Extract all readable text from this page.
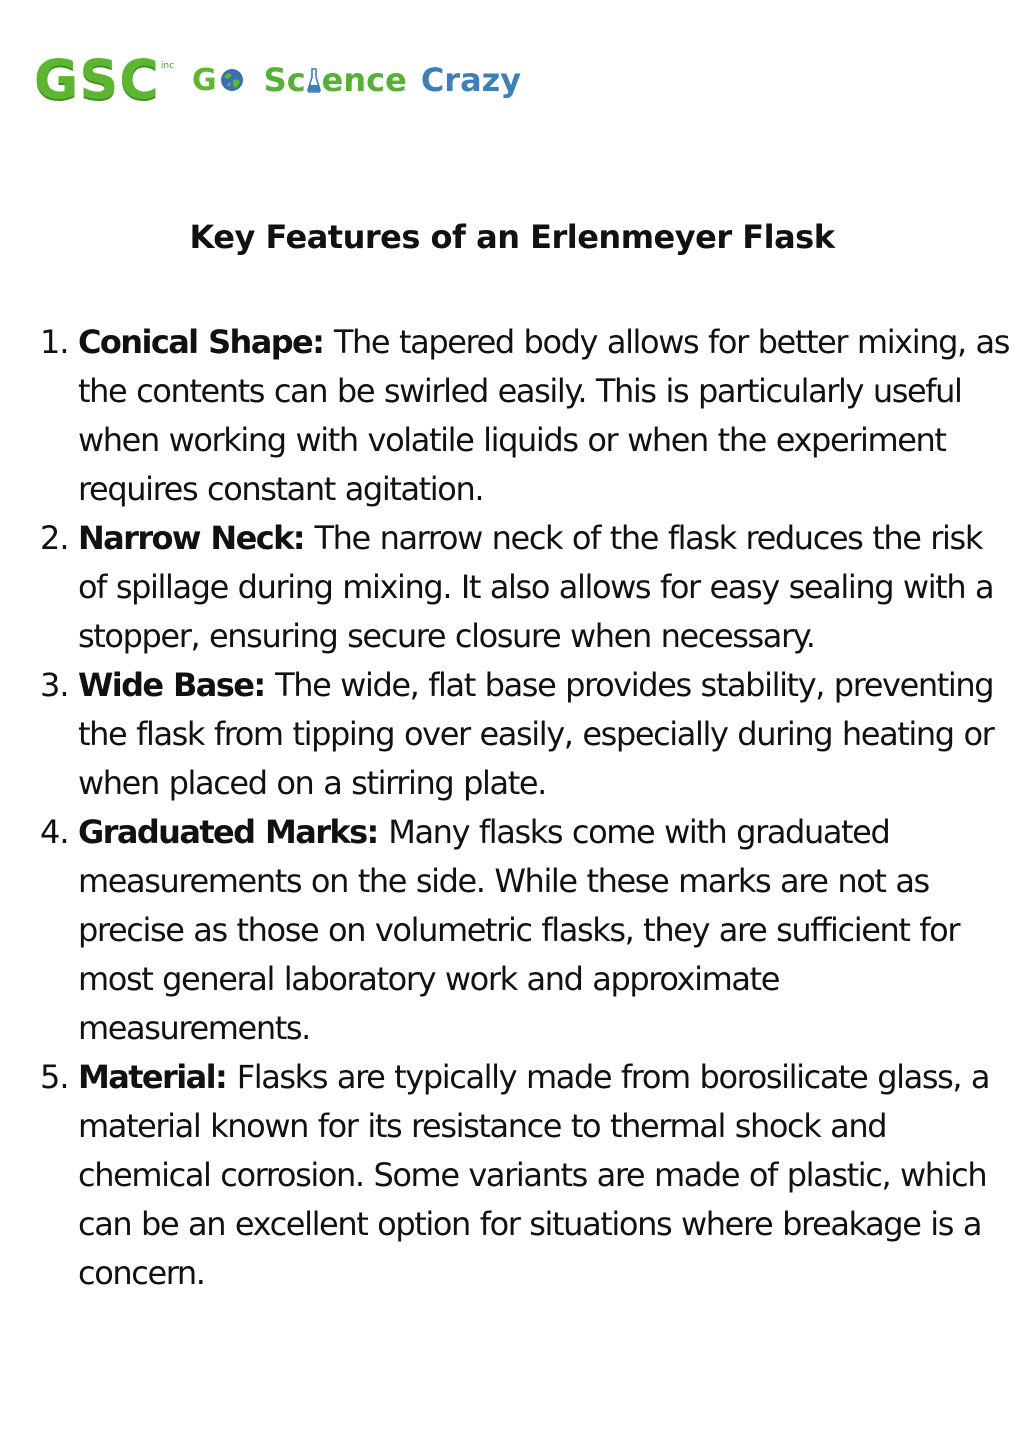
GSC inc G Sc ence Crazy
Key Features of an Erlenmeyer Flask
1. Conical Shape: The tapered body allows for better mixing, as the contents can be swirled easily. This is particularly useful when working with volatile liquids or when the experiment requires constant agitation.
2. Narrow Neck: The narrow neck of the flask reduces the risk of spillage during mixing. It also allows for easy sealing with a stopper, ensuring secure closure when necessary.
3. Wide Base: The wide, flat base provides stability, preventing the flask from tipping over easily, especially during heating or when placed on a stirring plate.
4. Graduated Marks: Many flasks come with graduated measurements on the side. While these marks are not as precise as those on volumetric flasks, they are sufficient for most general laboratory work and approximate measurements.
5. Material: Flasks are typically made from borosilicate glass, a material known for its resistance to thermal shock and chemical corrosion. Some variants are made of plastic, which can be an excellent option for situations where breakage is a concern.
